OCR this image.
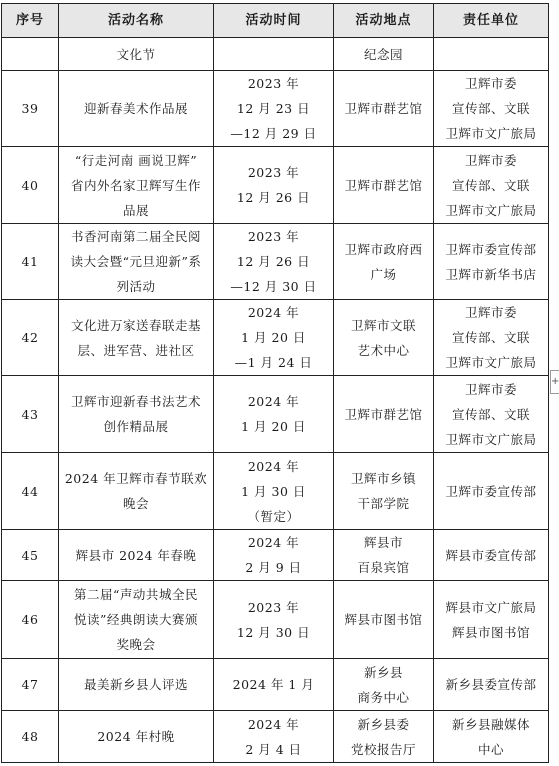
序号	活动名称	活动时间	活动地点	责任单位
	文化节		纪念园	
39	迎新春美术作品展	2023 年
12 月 23 日
—12 月 29 日	卫辉市群艺馆	卫辉市委
宣传部、文联
卫辉市文广旅局
40	“行走河南 画说卫辉”
省内外名家卫辉写生作
品展	2023 年
12 月 26 日	卫辉市群艺馆	卫辉市委
宣传部、文联
卫辉市文广旅局
41	书香河南第二届全民阅
读大会暨“元旦迎新”系
列活动	2023 年
12 月 26 日
—12 月 30 日	卫辉市政府西
广场	卫辉市委宣传部
卫辉市新华书店
42	文化进万家送春联走基
层、进军营、进社区	2024 年
1 月 20 日
—1 月 24 日	卫辉市文联
艺术中心	卫辉市委
宣传部、文联
卫辉市文广旅局
43	卫辉市迎新春书法艺术
创作精品展	2024 年
1 月 20 日	卫辉市群艺馆	卫辉市委
宣传部、文联
卫辉市文广旅局
44	2024 年卫辉市春节联欢
晚会	2024 年
1 月 30 日
（暂定）	卫辉市乡镇
干部学院	卫辉市委宣传部
45	辉县市 2024 年春晚	2024 年
2 月 9 日	辉县市
百泉宾馆	辉县市委宣传部
46	第二届“声动共城全民
悦读”经典朗读大赛颁
奖晚会	2023 年
12 月 30 日	辉县市图书馆	辉县市文广旅局
辉县市图书馆
47	最美新乡县人评选	2024 年 1 月	新乡县
商务中心	新乡县委宣传部
48	2024 年村晚	2024 年
2 月 4 日	新乡县委
党校报告厅	新乡县融媒体
中心
+
